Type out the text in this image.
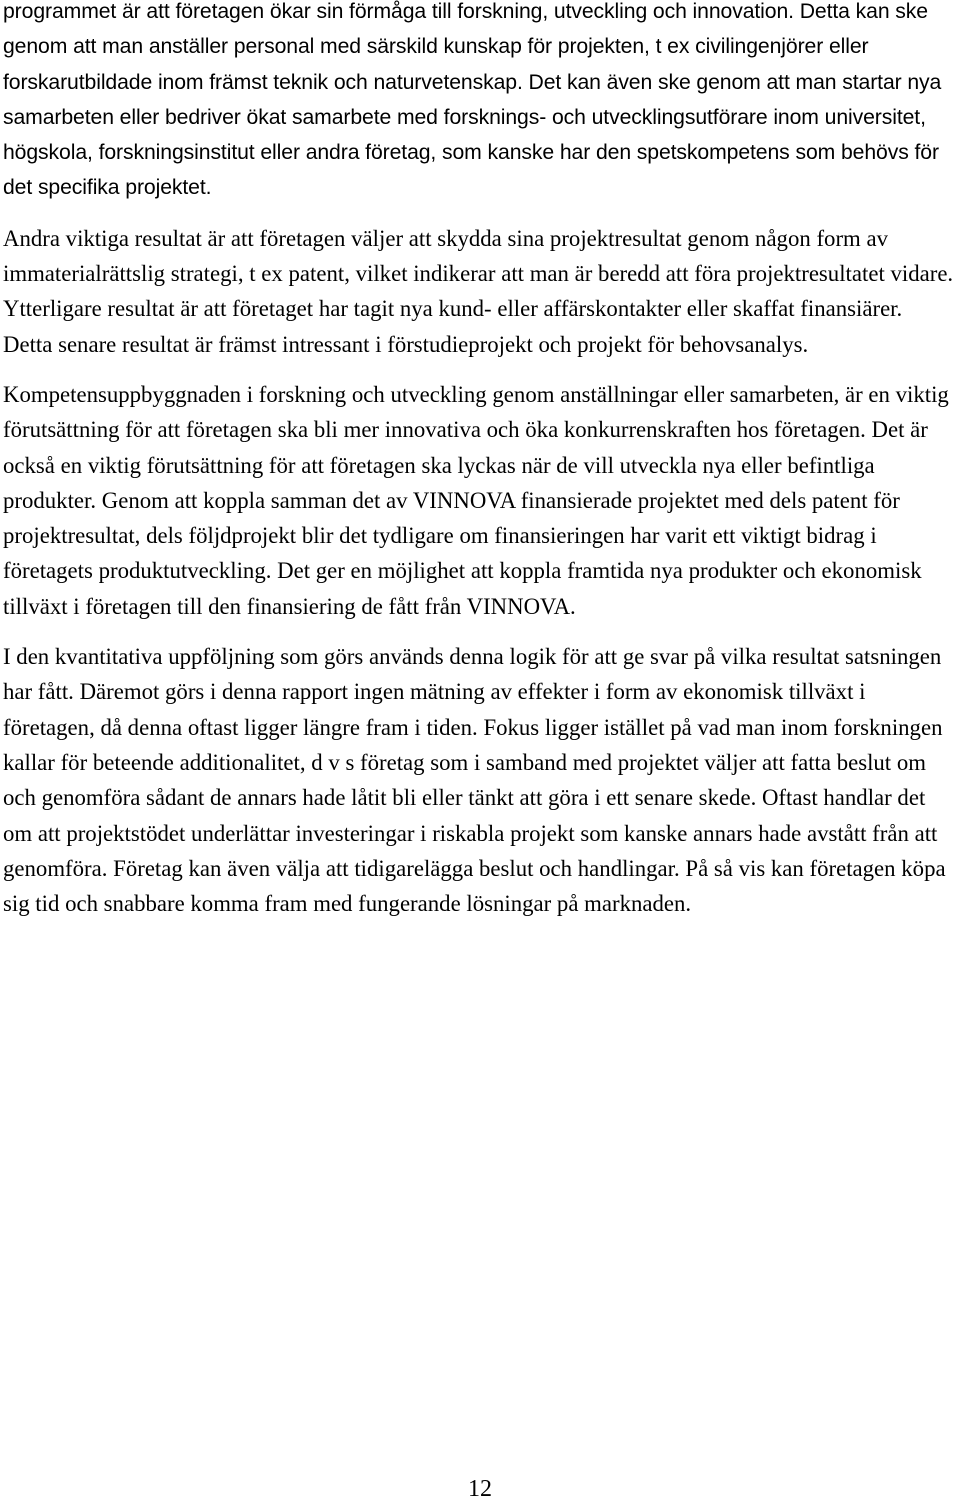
programmet är att företagen ökar sin förmåga till forskning, utveckling och innovation. Detta kan ske genom att man anställer personal med särskild kunskap för projekten, t ex civilingenjörer eller forskarutbildade inom främst teknik och naturvetenskap. Det kan även ske genom att man startar nya samarbeten eller bedriver ökat samarbete med forsknings- och utvecklingsutförare inom universitet, högskola, forskningsinstitut eller andra företag, som kanske har den spetskompetens som behövs för det specifika projektet.

Andra viktiga resultat är att företagen väljer att skydda sina projektresultat genom någon form av immaterialrättslig strategi, t ex patent, vilket indikerar att man är beredd att föra projektresultatet vidare. Ytterligare resultat är att företaget har tagit nya kund- eller affärskontakter eller skaffat finansiärer. Detta senare resultat är främst intressant i förstudieprojekt och projekt för behovsanalys.

Kompetensuppbyggnaden i forskning och utveckling genom anställningar eller samarbeten, är en viktig förutsättning för att företagen ska bli mer innovativa och öka konkurrenskraften hos företagen. Det är också en viktig förutsättning för att företagen ska lyckas när de vill utveckla nya eller befintliga produkter. Genom att koppla samman det av VINNOVA finansierade projektet med dels patent för projektresultat, dels följdprojekt blir det tydligare om finansieringen har varit ett viktigt bidrag i företagets produktutveckling. Det ger en möjlighet att koppla framtida nya produkter och ekonomisk tillväxt i företagen till den finansiering de fått från VINNOVA.

I den kvantitativa uppföljning som görs används denna logik för att ge svar på vilka resultat satsningen har fått. Däremot görs i denna rapport ingen mätning av effekter i form av ekonomisk tillväxt i företagen, då denna oftast ligger längre fram i tiden. Fokus ligger istället på vad man inom forskningen kallar för beteende additionalitet, d v s företag som i samband med projektet väljer att fatta beslut om och genomföra sådant de annars hade låtit bli eller tänkt att göra i ett senare skede. Oftast handlar det om att projektstödet underlättar investeringar i riskabla projekt som kanske annars hade avstått från att genomföra. Företag kan även välja att tidigarelägga beslut och handlingar. På så vis kan företagen köpa sig tid och snabbare komma fram med fungerande lösningar på marknaden.

12
